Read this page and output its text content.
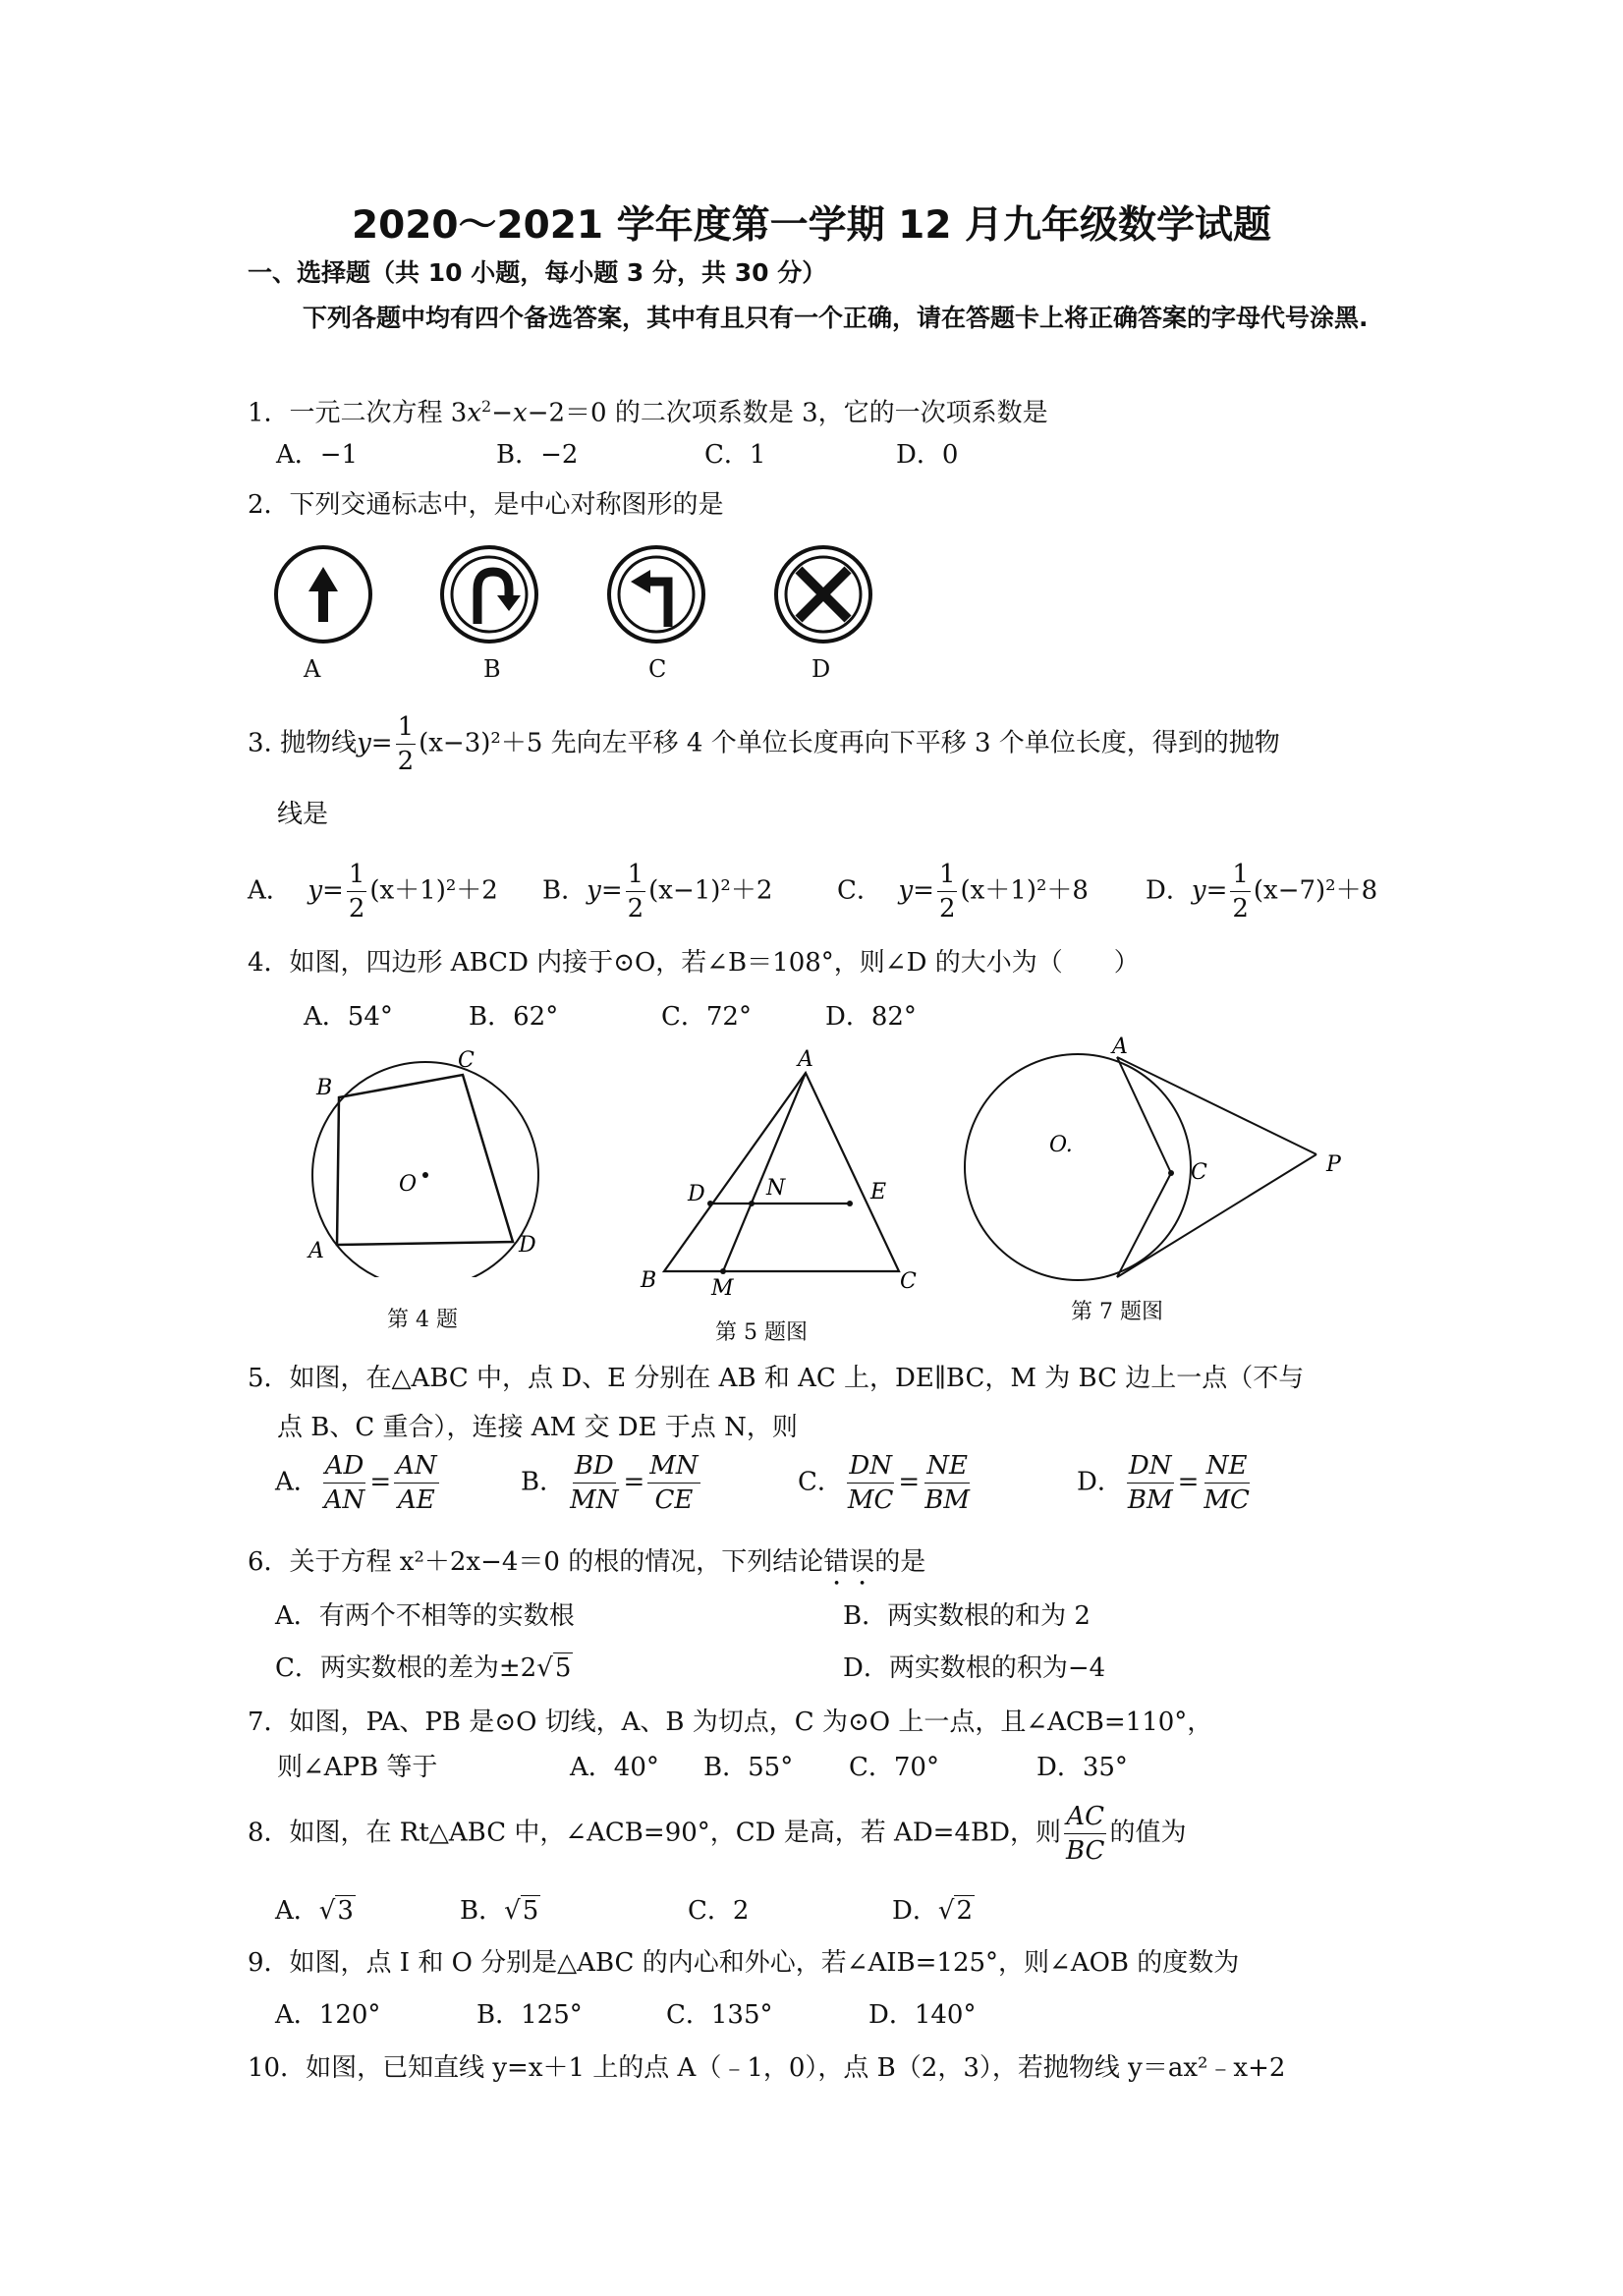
2020～2021 学年度第一学期 12 月九年级数学试题
一、选择题（共 10 小题，每小题 3 分，共 30 分）
下列各题中均有四个备选答案，其中有且只有一个正确，请在答题卡上将正确答案的字母代号涂黑.
1．一元二次方程 $3x^2-x-2=0$ 的二次项系数是 3，它的一次项系数是
A．−1	B．−2	C．1	D．0
2．下列交通标志中，是中心对称图形的是
A	B	C	D
3. 抛物线$y= \frac{1}{2} (x-3)^2+5$ 先向左平移 4 个单位长度再向下平移 3 个单位长度，得到的抛物
线是
A． $y= \frac{1}{2} (x+1)^2+2$ B．$y= \frac{1}{2} (x-1)^2+2$	C． $y= \frac{1}{2} (x+1)^2+8$ D．$y= \frac{1}{2} (x-7)^2+8$
4．如图，四边形 ABCD 内接于⊙O，若∠B＝108°，则∠D 的大小为（　　）
A．54°	B．62°	C．72°	D．82°
B
C
D
A
O
第 4 题
A
D	N	E
B	M	C
第 5 题图
A
O.
C	P
第 7 题图
5．如图，在△ABC 中，点 D、E 分别在 AB 和 AC 上，DE∥BC，M 为 BC 边上一点（不与
点 B、C 重合），连接 AM 交 DE 于点 N，则
A． $\frac{AD}{AN} = \frac{AN}{AE}$	B． $\frac{BD}{MN} = \frac{MN}{CE}$	C． $\frac{DN}{MC} = \frac{NE}{BM}$	D． $\frac{DN}{BM} = \frac{NE}{MC}$
6．关于方程 x²＋2x−4＝0 的根的情况，下列结论错误的是
A．有两个不相等的实数根	B．两实数根的和为 2
C．两实数根的差为±2√5	D．两实数根的积为−4
7．如图，PA、PB 是⊙O 切线，A、B 为切点，C 为⊙O 上一点，且∠ACB=110°，
则∠APB 等于	A．40° B．55° C．70°	D．35°
8．如图，在 Rt△ABC 中，∠ACB=90°，CD 是高，若 AD=4BD，则 $\frac{AC}{BC}$ 的值为
A．√3	B．√5	C．2	D．√2
9．如图，点 I 和 O 分别是△ABC 的内心和外心，若∠AIB=125°，则∠AOB 的度数为
A．120°	B．125°	C．135°	D．140°
10．如图，已知直线 y=x＋1 上的点 A（﹣1，0），点 B（2，3），若抛物线 y＝ax²﹣x+2
